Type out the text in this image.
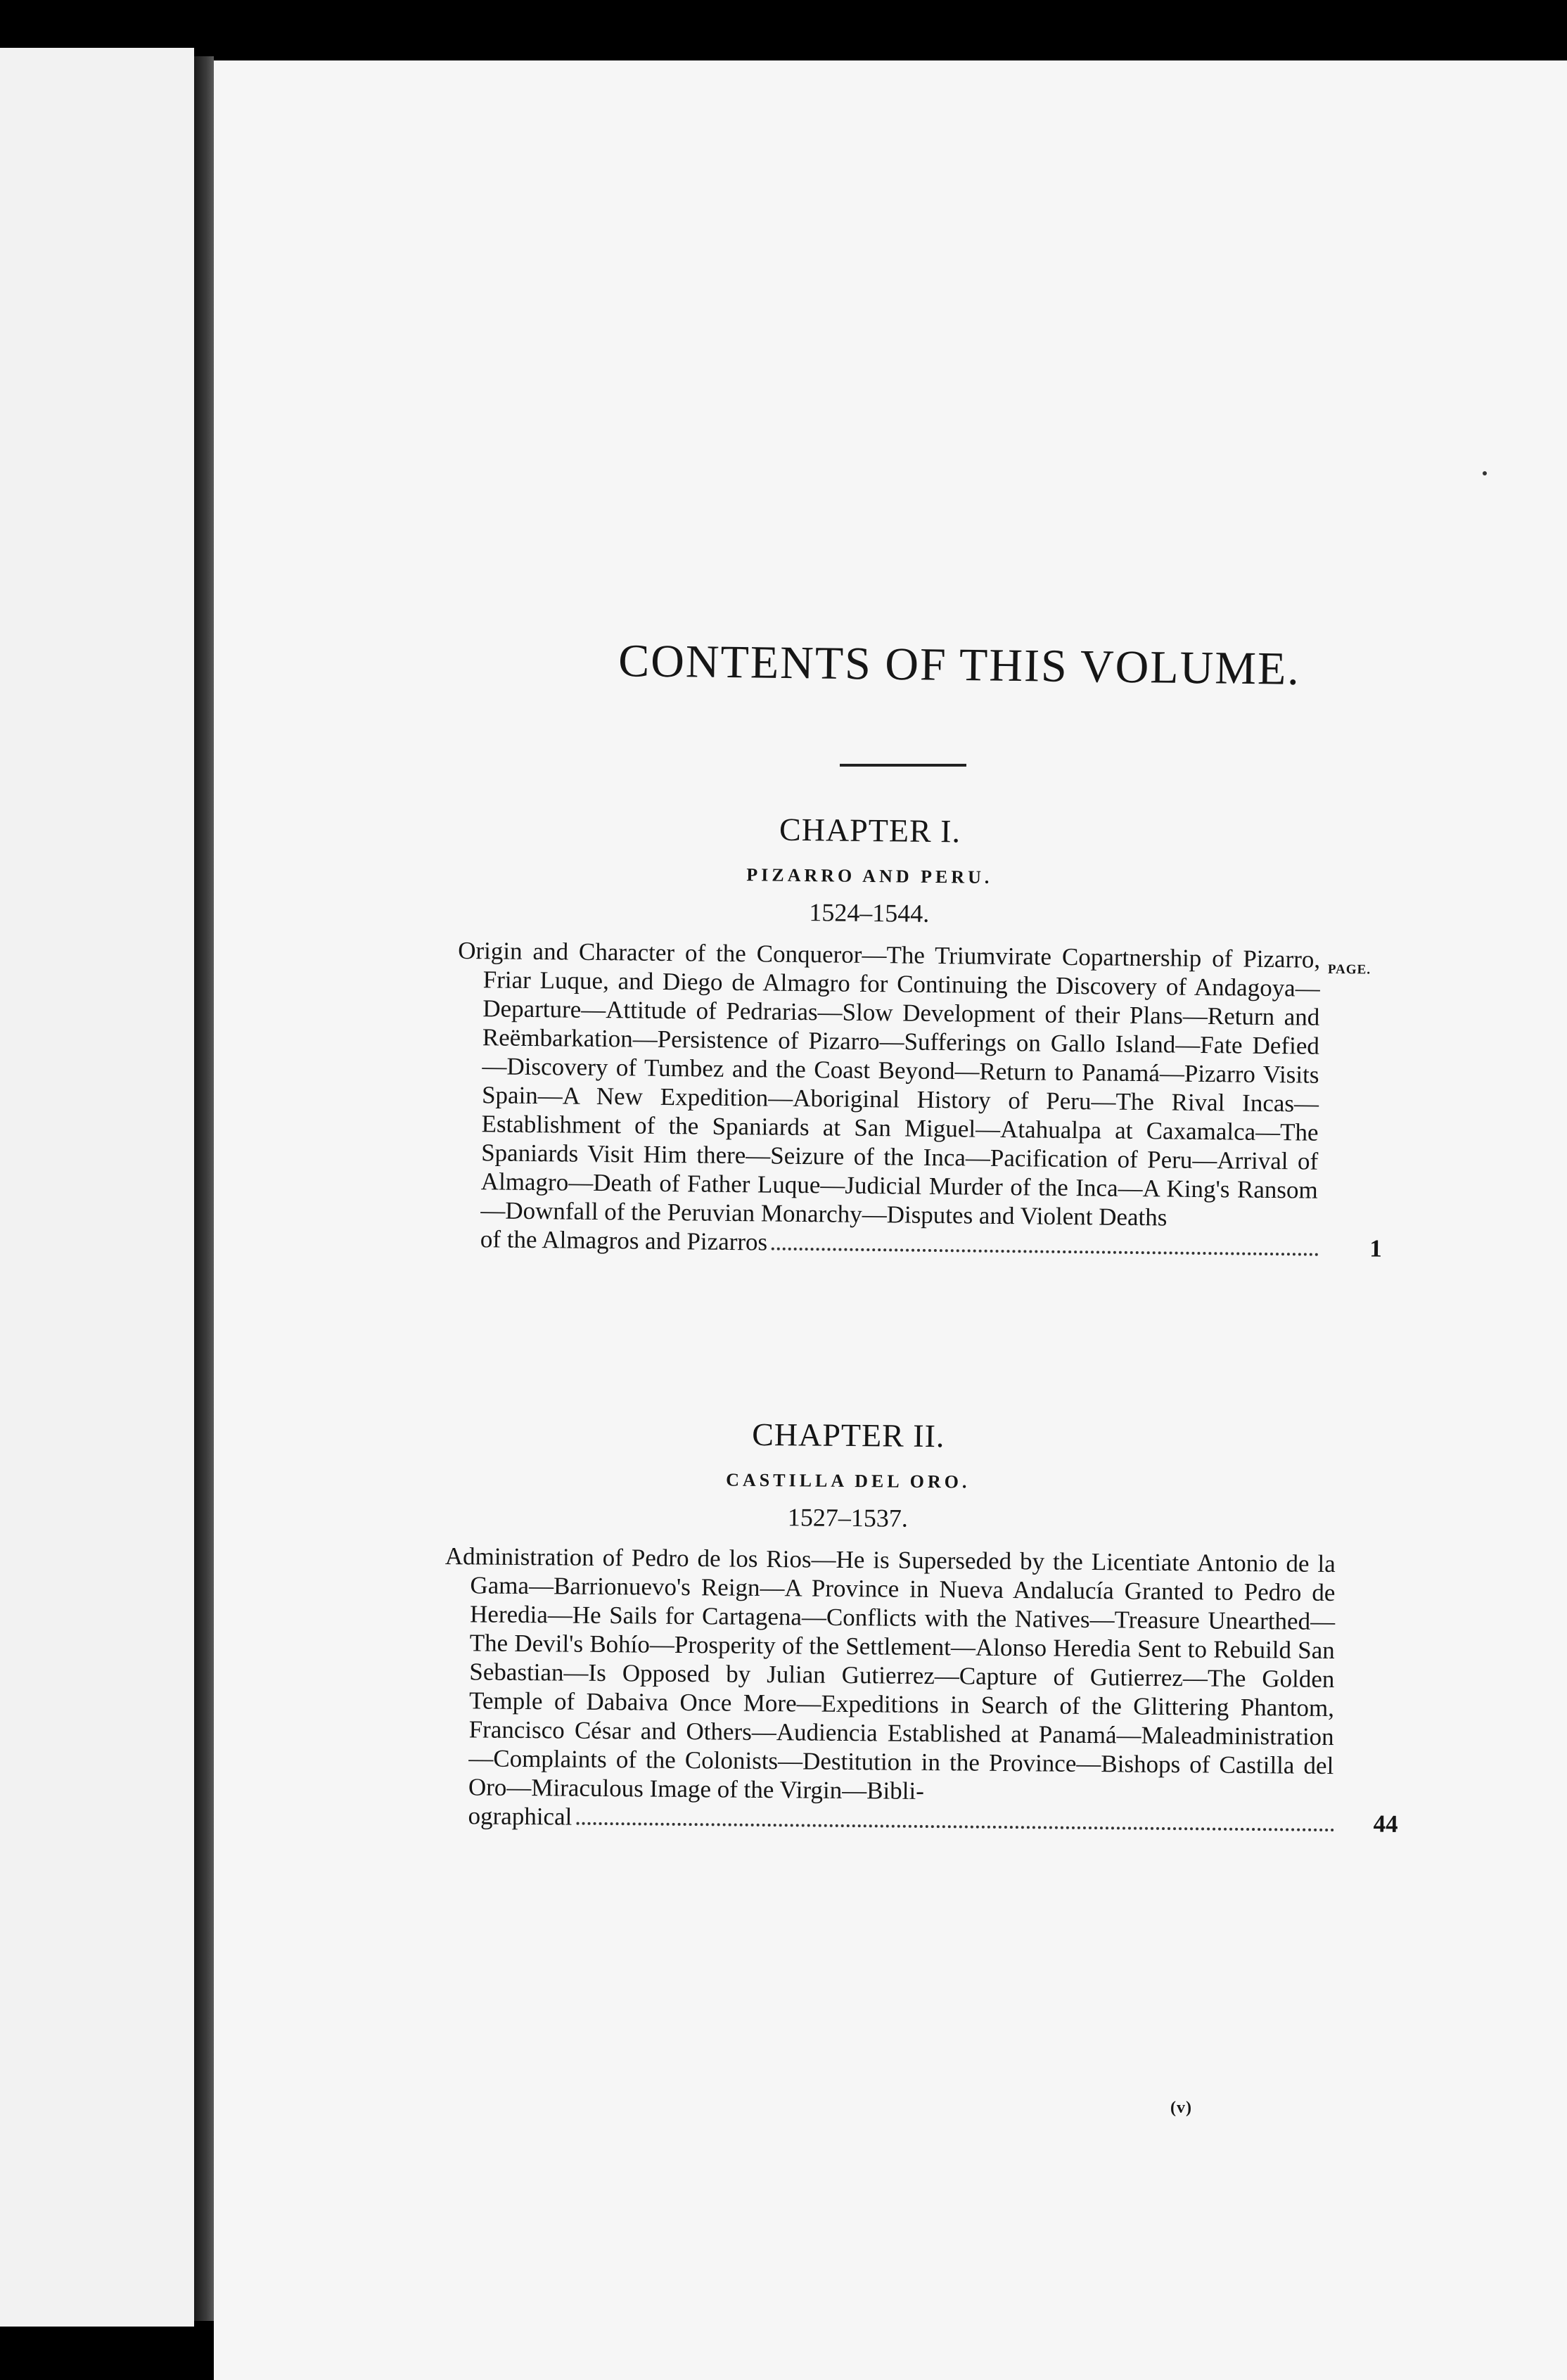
CONTENTS OF THIS VOLUME.
CHAPTER I.
PIZARRO AND PERU.
1524–1544.

Origin and Character of the Conqueror—The Triumvirate Copartnership of Pizarro, Friar Luque, and Diego de Almagro for Continuing the Discovery of Andagoya—Departure—Attitude of Pedrarias—Slow Development of their Plans—Return and Reëmbarkation—Persistence of Pizarro—Sufferings on Gallo Island—Fate Defied—Discovery of Tumbez and the Coast Beyond—Return to Panamá—Pizarro Visits Spain—A New Expedition—Aboriginal History of Peru—The Rival Incas—Establishment of the Spaniards at San Miguel—Atahualpa at Caxamalca—The Spaniards Visit Him there—Seizure of the Inca—Pacification of Peru—Arrival of Almagro—Death of Father Luque—Judicial Murder of the Inca—A King's Ransom—Downfall of the Peruvian Monarchy—Disputes and Violent Deaths
PAGE.

of the Almagros and Pizarros	1
CHAPTER II.
CASTILLA DEL ORO.
1527–1537.

Administration of Pedro de los Rios—He is Superseded by the Licentiate Antonio de la Gama—Barrionuevo's Reign—A Province in Nueva Andalucía Granted to Pedro de Heredia—He Sails for Cartagena—Conflicts with the Natives—Treasure Unearthed—The Devil's Bohío—Prosperity of the Settlement—Alonso Heredia Sent to Rebuild San Sebastian—Is Opposed by Julian Gutierrez—Capture of Gutierrez—The Golden Temple of Dabaiva Once More—Expeditions in Search of the Glittering Phantom, Francisco César and Others—Audiencia Established at Panamá—Maleadministration—Complaints of the Colonists—Destitution in the Province—Bishops of Castilla del Oro—Miraculous Image of the Virgin—Bibli-

ographical	44
(v)
